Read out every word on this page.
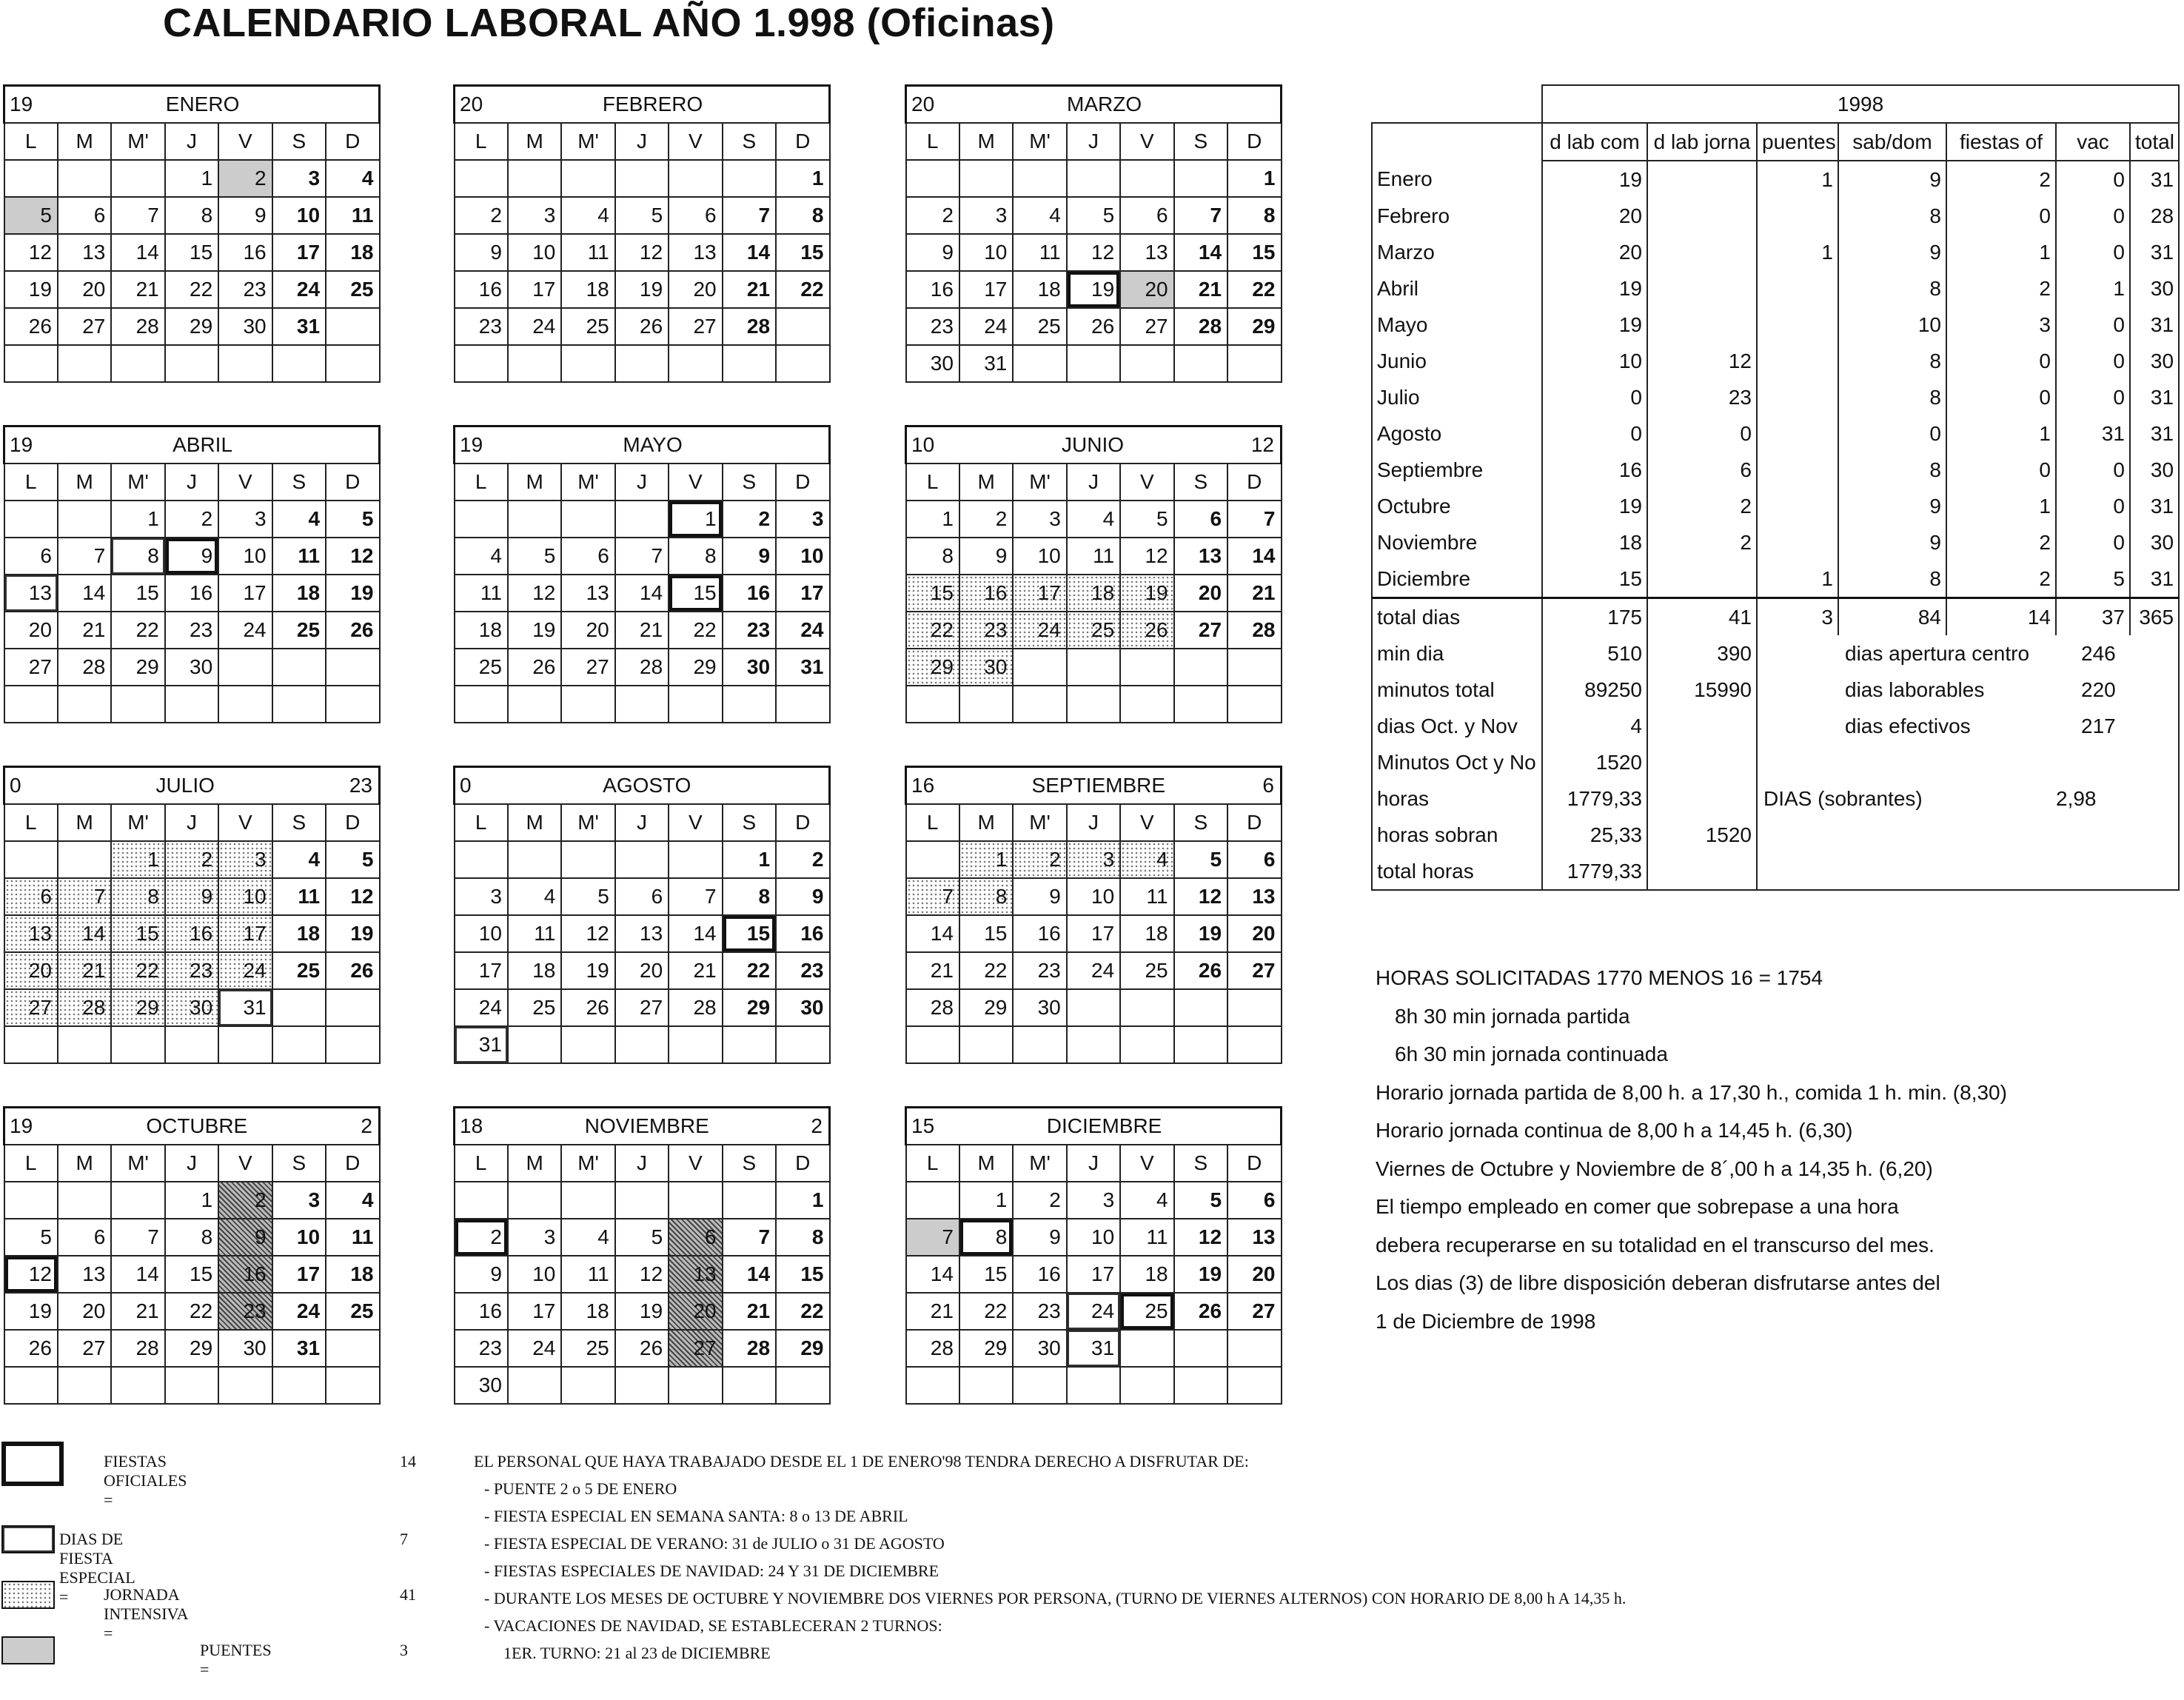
CALENDARIO LABORAL AÑO 1.998 (Oficinas)
19 ENERO						

L	M	M'	J	V	S	D
			1	2	3	4
5	6	7	8	9	10	11
12	13	14	15	16	17	18
19	20	21	22	23	24	25
26	27	28	29	30	31	

20 FEBRERO						

L	M	M'	J	V	S	D
						1
2	3	4	5	6	7	8
9	10	11	12	13	14	15
16	17	18	19	20	21	22
23	24	25	26	27	28	

20 MARZO						

L	M	M'	J	V	S	D
						1
2	3	4	5	6	7	8
9	10	11	12	13	14	15
16	17	18	19	20	21	22
23	24	25	26	27	28	29
30	31					
19 ABRIL						

L	M	M'	J	V	S	D
		1	2	3	4	5
6	7	8	9	10	11	12
13	14	15	16	17	18	19
20	21	22	23	24	25	26
27	28	29	30			

19 MAYO						

L	M	M'	J	V	S	D
				1	2	3
4	5	6	7	8	9	10
11	12	13	14	15	16	17
18	19	20	21	22	23	24
25	26	27	28	29	30	31

10 JUNIO 12						

L	M	M'	J	V	S	D
1	2	3	4	5	6	7
8	9	10	11	12	13	14
15	16	17	18	19	20	21
22	23	24	25	26	27	28
29	30					

0 JULIO 23						

L	M	M'	J	V	S	D
		1	2	3	4	5
6	7	8	9	10	11	12
13	14	15	16	17	18	19
20	21	22	23	24	25	26
27	28	29	30	31		

0 AGOSTO						

L	M	M'	J	V	S	D
					1	2
3	4	5	6	7	8	9
10	11	12	13	14	15	16
17	18	19	20	21	22	23
24	25	26	27	28	29	30
31						
16 SEPTIEMBRE 6						

L	M	M'	J	V	S	D
	1	2	3	4	5	6
7	8	9	10	11	12	13
14	15	16	17	18	19	20
21	22	23	24	25	26	27
28	29	30				

19 OCTUBRE 2						

L	M	M'	J	V	S	D
			1	2	3	4
5	6	7	8	9	10	11
12	13	14	15	16	17	18
19	20	21	22	23	24	25
26	27	28	29	30	31	

18 NOVIEMBRE 2						

L	M	M'	J	V	S	D
						1
2	3	4	5	6	7	8
9	10	11	12	13	14	15
16	17	18	19	20	21	22
23	24	25	26	27	28	29
30						
15 DICIEMBRE						

L	M	M'	J	V	S	D
	1	2	3	4	5	6
7	8	9	10	11	12	13
14	15	16	17	18	19	20
21	22	23	24	25	26	27
28	29	30	31			

	1998						
	d lab com	d lab jorna	puentes	sab/dom	fiestas of	vac	total
Enero	19		1	9	2	0	31
Febrero	20			8	0	0	28
Marzo	20		1	9	1	0	31
Abril	19			8	2	1	30
Mayo	19			10	3	0	31
Junio	10	12		8	0	0	30
Julio	0	23		8	0	0	31
Agosto	0	0		0	1	31	31
Septiembre	16	6		8	0	0	30
Octubre	19	2		9	1	0	31
Noviembre	18	2		9	2	0	30
Diciembre	15		1	8	2	5	31
total dias	175	41	3	84	14	37	365
min dia	510	390	dias apertura centro			246	
minutos total	89250	15990	dias laborables			220	
dias Oct. y Nov	4		dias efectivos			217	
Minutos Oct y No	1520						
horas	1779,33		DIAS (sobrantes)			2,98	
horas sobran	25,33	1520					
total horas	1779,33						
HORAS SOLICITADAS 1770 MENOS 16 = 1754
8h 30 min jornada partida
6h 30 min jornada continuada
Horario jornada partida de 8,00 h. a 17,30 h., comida 1 h. min. (8,30)
Horario jornada continua de 8,00 h a 14,45 h. (6,30)
Viernes de Octubre y Noviembre de 8´,00 h a 14,35 h. (6,20)
El tiempo empleado en comer que sobrepase a una hora
debera recuperarse en su totalidad en el transcurso del mes.
Los dias (3) de libre disposición deberan disfrutarse antes del
1 de Diciembre de 1998
FIESTAS OFICIALES =
14
DIAS DE FIESTA ESPECIAL =
7
JORNADA INTENSIVA =
41
PUENTES =
3
EL PERSONAL QUE HAYA TRABAJADO DESDE EL 1 DE ENERO'98 TENDRA DERECHO A DISFRUTAR DE:
- PUENTE 2 o 5 DE ENERO
- FIESTA ESPECIAL EN SEMANA SANTA: 8 o 13 DE ABRIL
- FIESTA ESPECIAL DE VERANO: 31 de JULIO o 31 DE AGOSTO
- FIESTAS ESPECIALES DE NAVIDAD: 24 Y 31 DE DICIEMBRE
- DURANTE LOS MESES DE OCTUBRE Y NOVIEMBRE DOS VIERNES POR PERSONA, (TURNO DE VIERNES ALTERNOS) CON HORARIO DE 8,00 h A 14,35 h.
- VACACIONES DE NAVIDAD, SE ESTABLECERAN 2 TURNOS:
1ER. TURNO: 21 al 23 de DICIEMBRE
